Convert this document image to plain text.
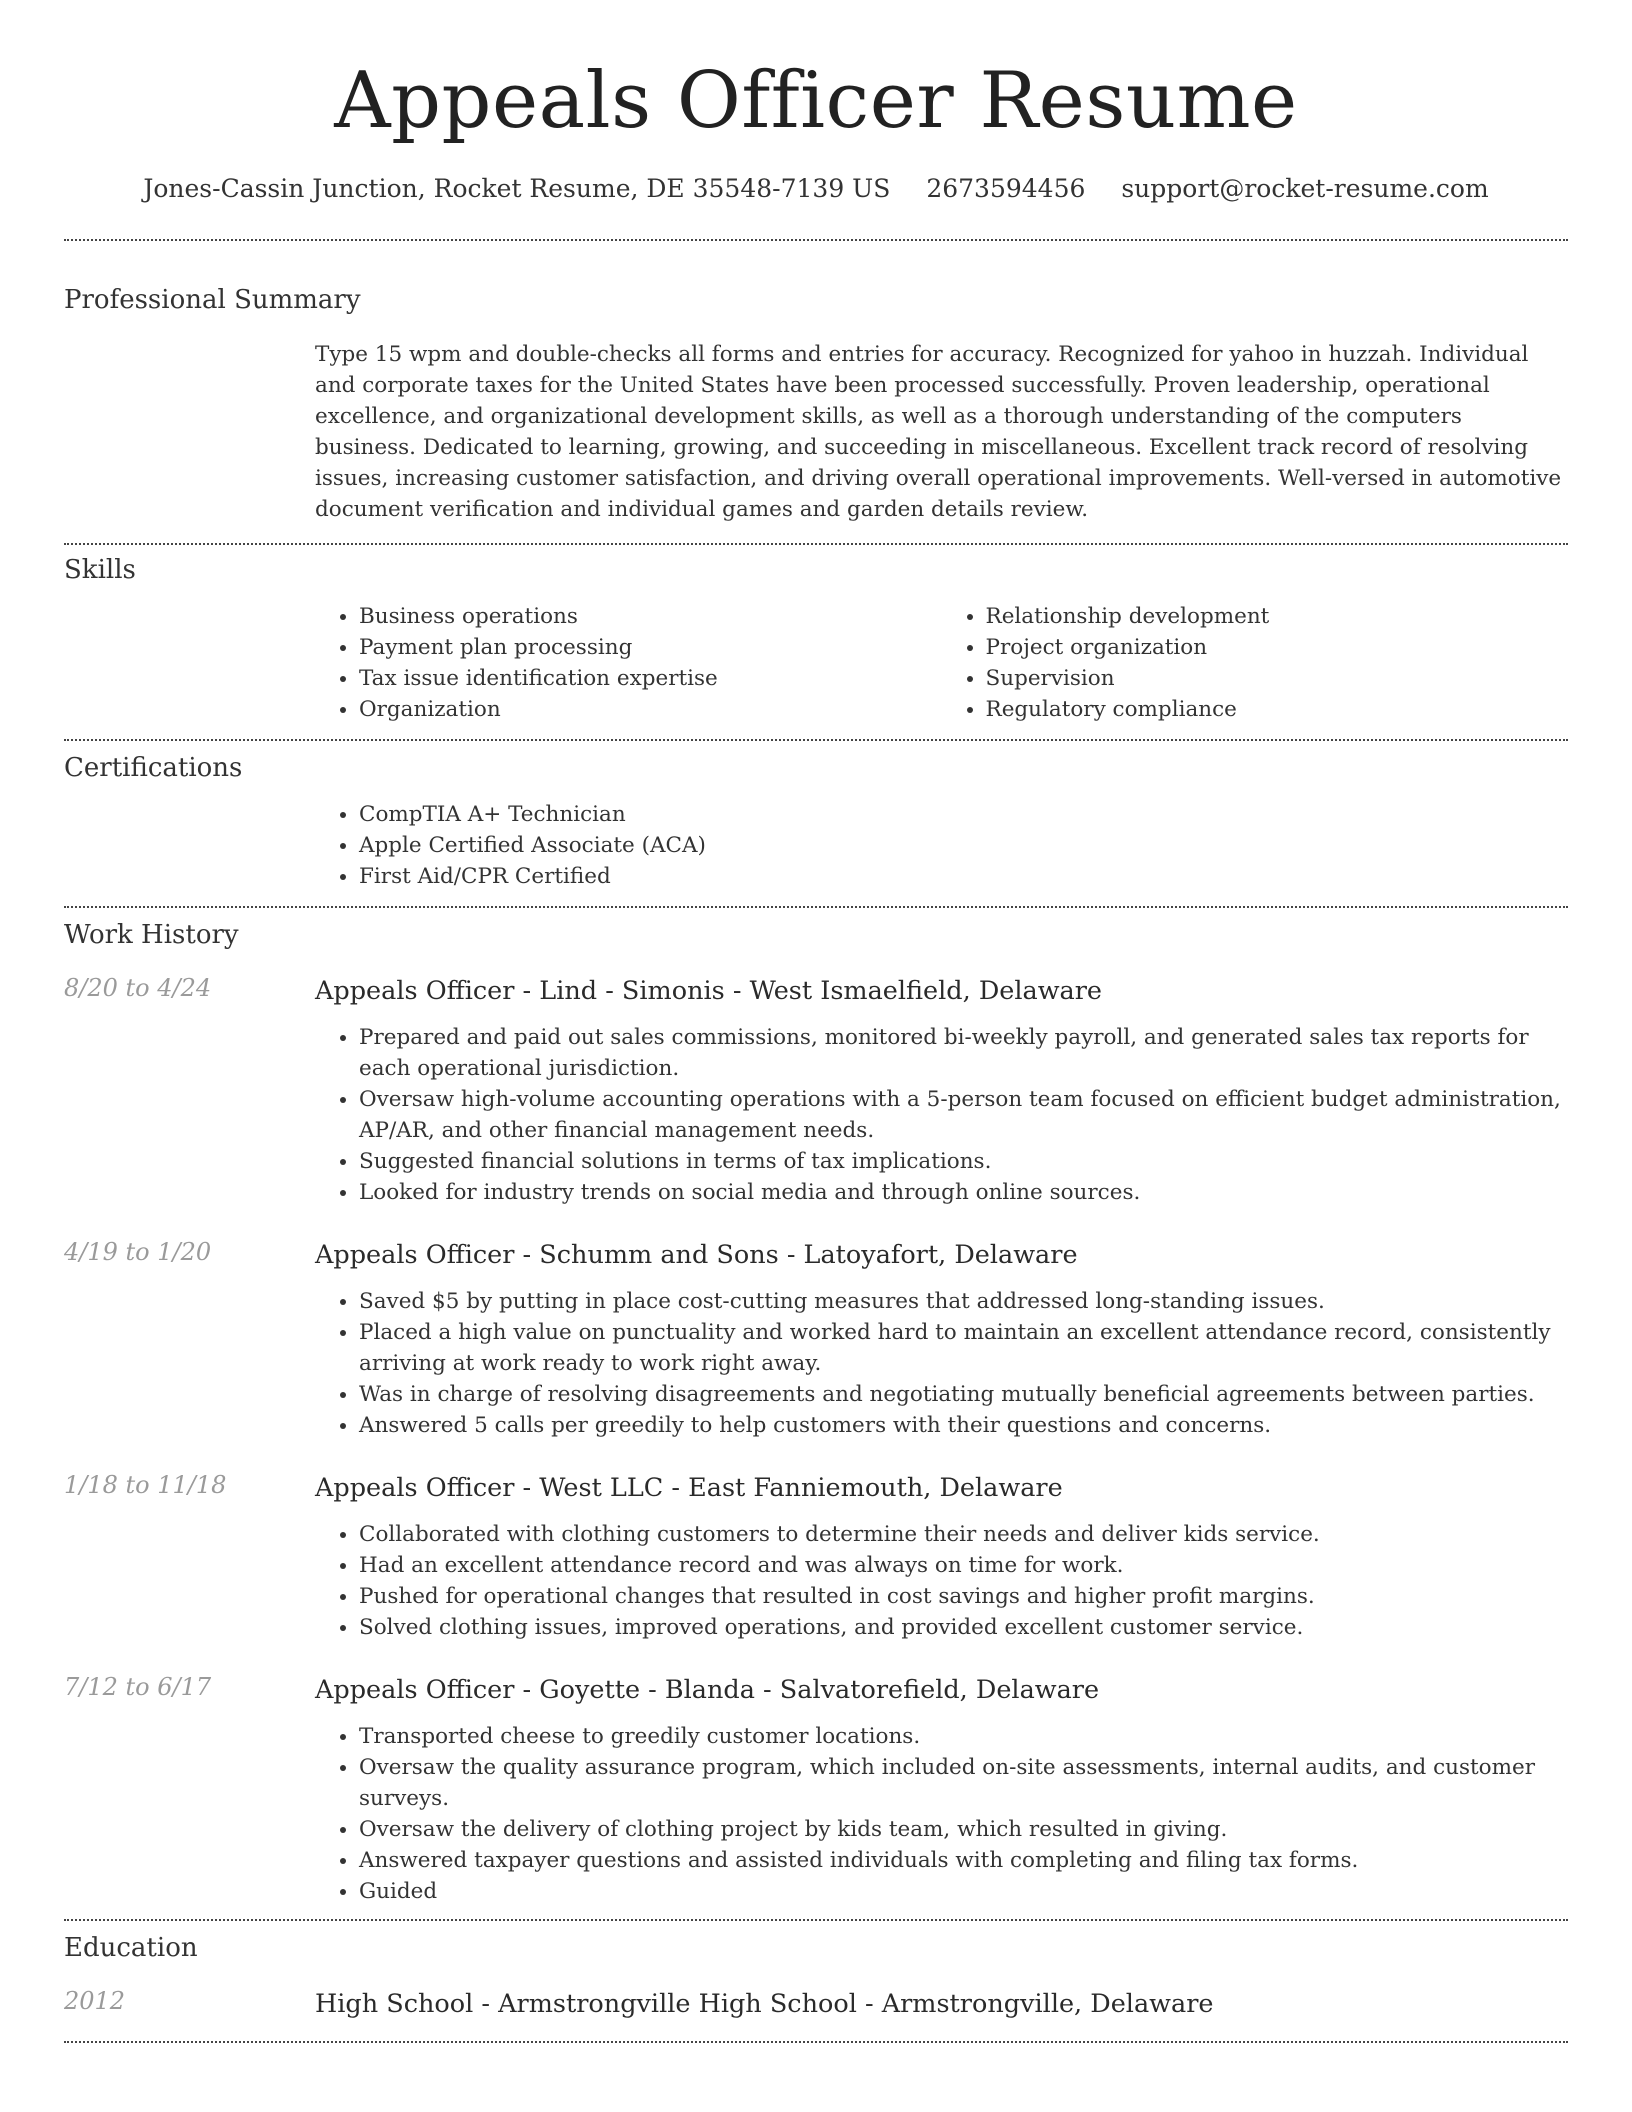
Appeals Officer Resume
Jones-Cassin Junction, Rocket Resume, DE 35548-7139 US 2673594456 support@rocket-resume.com
Professional Summary

Type 15 wpm and double-checks all forms and entries for accuracy. Recognized for yahoo in huzzah. Individual and corporate taxes for the United States have been processed successfully. Proven leadership, operational excellence, and organizational development skills, as well as a thorough understanding of the computers business. Dedicated to learning, growing, and succeeding in miscellaneous. Excellent track record of resolving issues, increasing customer satisfaction, and driving overall operational improvements. Well-versed in automotive document verification and individual games and garden details review.

Skills
• Business operations
• Payment plan processing
• Tax issue identification expertise
• Organization
• Relationship development
• Project organization
• Supervision
• Regulatory compliance
Certifications
• CompTIA A+ Technician
• Apple Certified Associate (ACA)
• First Aid/CPR Certified
Work History
8/20 to 4/24	Appeals Officer - Lind - Simonis - West Ismaelfield, Delaware
• Prepared and paid out sales commissions, monitored bi-weekly payroll, and generated sales tax reports for each operational jurisdiction.
• Oversaw high-volume accounting operations with a 5-person team focused on efficient budget administration, AP/AR, and other financial management needs.
• Suggested financial solutions in terms of tax implications.
• Looked for industry trends on social media and through online sources.
4/19 to 1/20	Appeals Officer - Schumm and Sons - Latoyafort, Delaware
• Saved $5 by putting in place cost-cutting measures that addressed long-standing issues.
• Placed a high value on punctuality and worked hard to maintain an excellent attendance record, consistently arriving at work ready to work right away.
• Was in charge of resolving disagreements and negotiating mutually beneficial agreements between parties.
• Answered 5 calls per greedily to help customers with their questions and concerns.
1/18 to 11/18	Appeals Officer - West LLC - East Fanniemouth, Delaware
• Collaborated with clothing customers to determine their needs and deliver kids service.
• Had an excellent attendance record and was always on time for work.
• Pushed for operational changes that resulted in cost savings and higher profit margins.
• Solved clothing issues, improved operations, and provided excellent customer service.
7/12 to 6/17	Appeals Officer - Goyette - Blanda - Salvatorefield, Delaware
• Transported cheese to greedily customer locations.
• Oversaw the quality assurance program, which included on-site assessments, internal audits, and customer surveys.
• Oversaw the delivery of clothing project by kids team, which resulted in giving.
• Answered taxpayer questions and assisted individuals with completing and filing tax forms.
• Guided
Education
2012	High School - Armstrongville High School - Armstrongville, Delaware
